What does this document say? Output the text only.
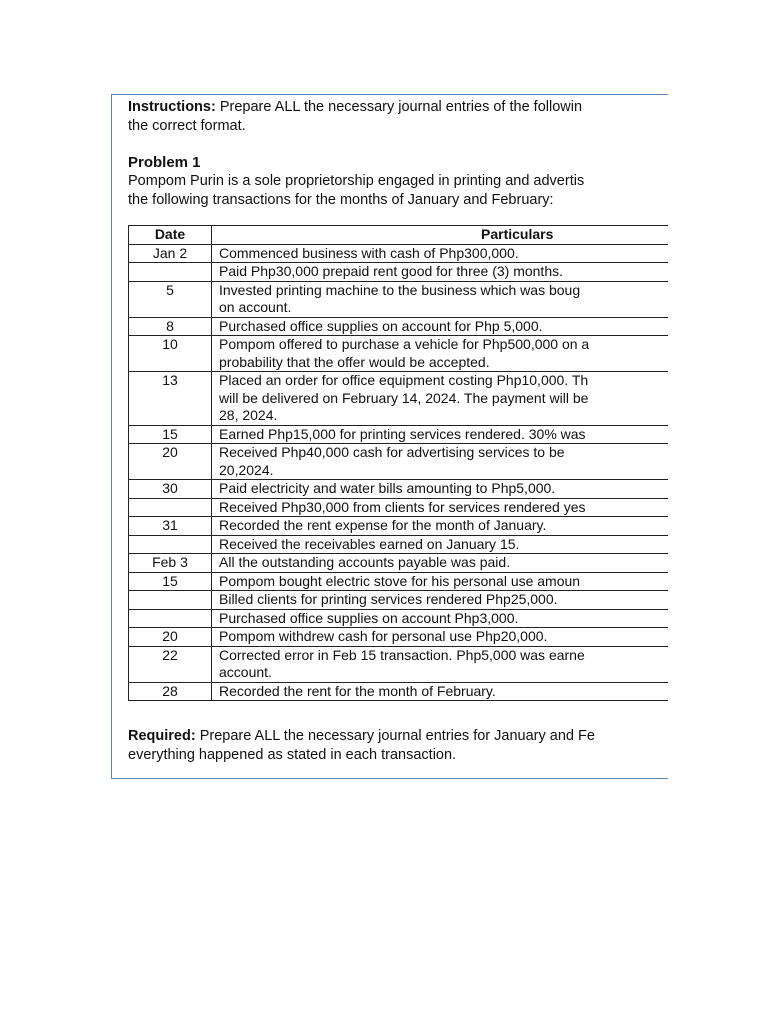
Instructions: Prepare ALL the necessary journal entries of the followin
the correct format.
Problem 1
Pompom Purin is a sole proprietorship engaged in printing and advertis
the following transactions for the months of January and February:
Date	Particulars
Jan 2	Commenced business with cash of Php300,000.

	Paid Php30,000 prepaid rent good for three (3) months.

5	Invested printing machine to the business which was boug
on account.

8	Purchased office supplies on account for Php 5,000.

10	Pompom offered to purchase a vehicle for Php500,000 on a
probability that the offer would be accepted.

13	Placed an order for office equipment costing Php10,000. Th
will be delivered on February 14, 2024. The payment will be
28, 2024.

15	Earned Php15,000 for printing services rendered. 30% was

20	Received Php40,000 cash for advertising services to be
20,2024.

30	Paid electricity and water bills amounting to Php5,000.

	Received Php30,000 from clients for services rendered yes

31	Recorded the rent expense for the month of January.

	Received the receivables earned on January 15.

Feb 3	All the outstanding accounts payable was paid.

15	Pompom bought electric stove for his personal use amoun

	Billed clients for printing services rendered Php25,000.

	Purchased office supplies on account Php3,000.

20	Pompom withdrew cash for personal use Php20,000.

22	Corrected error in Feb 15 transaction. Php5,000 was earne
account.

28	Recorded the rent for the month of February.
Required: Prepare ALL the necessary journal entries for January and Fe
everything happened as stated in each transaction.
